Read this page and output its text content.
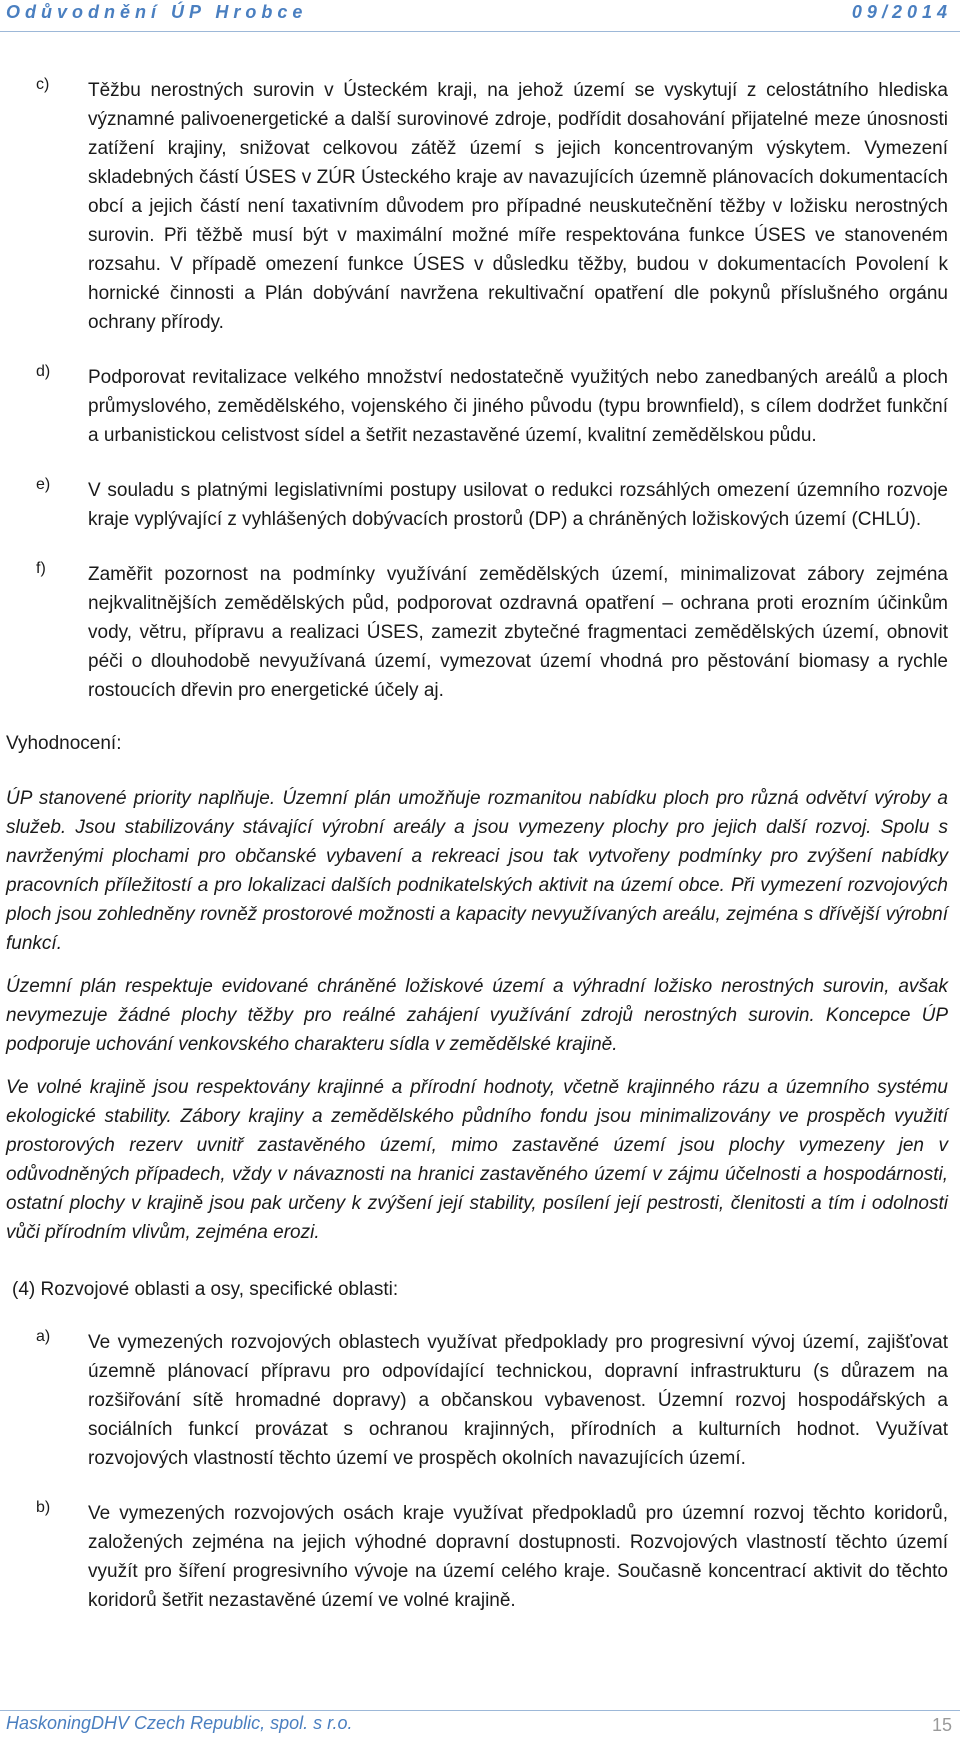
Odůvodnění ÚP Hrobce	09/2014
c) Těžbu nerostných surovin v Ústeckém kraji, na jehož území se vyskytují z celostátního hlediska významné palivoenergetické a další surovinové zdroje, podřídit dosahování přijatelné meze únosnosti zatížení krajiny, snižovat celkovou zátěž území s jejich koncentrovaným výskytem. Vymezení skladebných částí ÚSES v ZÚR Ústeckého kraje av navazujících územně plánovacích dokumentacích obcí a jejich částí není taxativním důvodem pro případné neuskutečnění těžby v ložisku nerostných surovin. Při těžbě musí být v maximální možné míře respektována funkce ÚSES ve stanoveném rozsahu. V případě omezení funkce ÚSES v důsledku těžby, budou v dokumentacích Povolení k hornické činnosti a Plán dobývání navržena rekultivační opatření dle pokynů příslušného orgánu ochrany přírody.

d) Podporovat revitalizace velkého množství nedostatečně využitých nebo zanedbaných areálů a ploch průmyslového, zemědělského, vojenského či jiného původu (typu brownfield), s cílem dodržet funkční a urbanistickou celistvost sídel a šetřit nezastavěné území, kvalitní zemědělskou půdu.

e) V souladu s platnými legislativními postupy usilovat o redukci rozsáhlých omezení územního rozvoje kraje vyplývající z vyhlášených dobývacích prostorů (DP) a chráněných ložiskových území (CHLÚ).

f) Zaměřit pozornost na podmínky využívání zemědělských území, minimalizovat zábory zejména nejkvalitnějších zemědělských půd, podporovat ozdravná opatření – ochrana proti erozním účinkům vody, větru, přípravu a realizaci ÚSES, zamezit zbytečné fragmentaci zemědělských území, obnovit péči o dlouhodobě nevyužívaná území, vymezovat území vhodná pro pěstování biomasy a rychle rostoucích dřevin pro energetické účely aj.

Vyhodnocení:

ÚP stanovené priority naplňuje. Územní plán umožňuje rozmanitou nabídku ploch pro různá odvětví výroby a služeb. Jsou stabilizovány stávající výrobní areály a jsou vymezeny plochy pro jejich další rozvoj. Spolu s navrženými plochami pro občanské vybavení a rekreaci jsou tak vytvořeny podmínky pro zvýšení nabídky pracovních příležitostí a pro lokalizaci dalších podnikatelských aktivit na území obce. Při vymezení rozvojových ploch jsou zohledněny rovněž prostorové možnosti a kapacity nevyužívaných areálu, zejména s dřívější výrobní funkcí.

Územní plán respektuje evidované chráněné ložiskové území a výhradní ložisko nerostných surovin, avšak nevymezuje žádné plochy těžby pro reálné zahájení využívání zdrojů nerostných surovin. Koncepce ÚP podporuje uchování venkovského charakteru sídla v zemědělské krajině.

Ve volné krajině jsou respektovány krajinné a přírodní hodnoty, včetně krajinného rázu a územního systému ekologické stability. Zábory krajiny a zemědělského půdního fondu jsou minimalizovány ve prospěch využití prostorových rezerv uvnitř zastavěného území, mimo zastavěné území jsou plochy vymezeny jen v odůvodněných případech, vždy v návaznosti na hranici zastavěného území v zájmu účelnosti a hospodárnosti, ostatní plochy v krajině jsou pak určeny k zvýšení její stability, posílení její pestrosti, členitosti a tím i odolnosti vůči přírodním vlivům, zejména erozi.

(4) Rozvojové oblasti a osy, specifické oblasti:

a) Ve vymezených rozvojových oblastech využívat předpoklady pro progresivní vývoj území, zajišťovat územně plánovací přípravu pro odpovídající technickou, dopravní infrastrukturu (s důrazem na rozšiřování sítě hromadné dopravy) a občanskou vybavenost. Územní rozvoj hospodářských a sociálních funkcí provázat s ochranou krajinných, přírodních a kulturních hodnot. Využívat rozvojových vlastností těchto území ve prospěch okolních navazujících území.

b) Ve vymezených rozvojových osách kraje využívat předpokladů pro územní rozvoj těchto koridorů, založených zejména na jejich výhodné dopravní dostupnosti. Rozvojových vlastností těchto území využít pro šíření progresivního vývoje na území celého kraje. Současně koncentrací aktivit do těchto koridorů šetřit nezastavěné území ve volné krajině.

HaskoningDHV Czech Republic, spol. s r.o.	15
